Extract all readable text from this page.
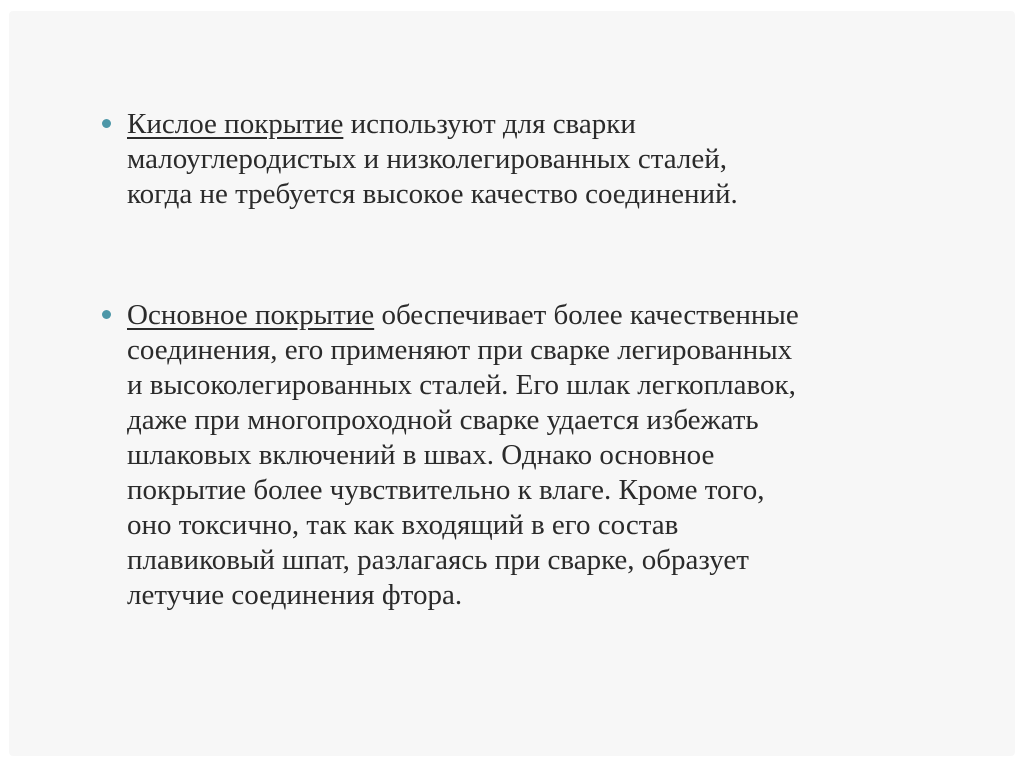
Кислое покрытие используют для сварки

малоуглеродистых и низколегированных сталей,

когда не требуется высокое качество соединений.

Основное покрытие обеспечивает более качественные

соединения, его применяют при сварке легированных

и высоколегированных сталей. Его шлак легкоплавок,

даже при многопроходной сварке удается избежать

шлаковых включений в швах. Однако основное

покрытие более чувствительно к влаге. Кроме того,

оно токсично, так как входящий в его состав

плавиковый шпат, разлагаясь при сварке, образует

летучие соединения фтора.
